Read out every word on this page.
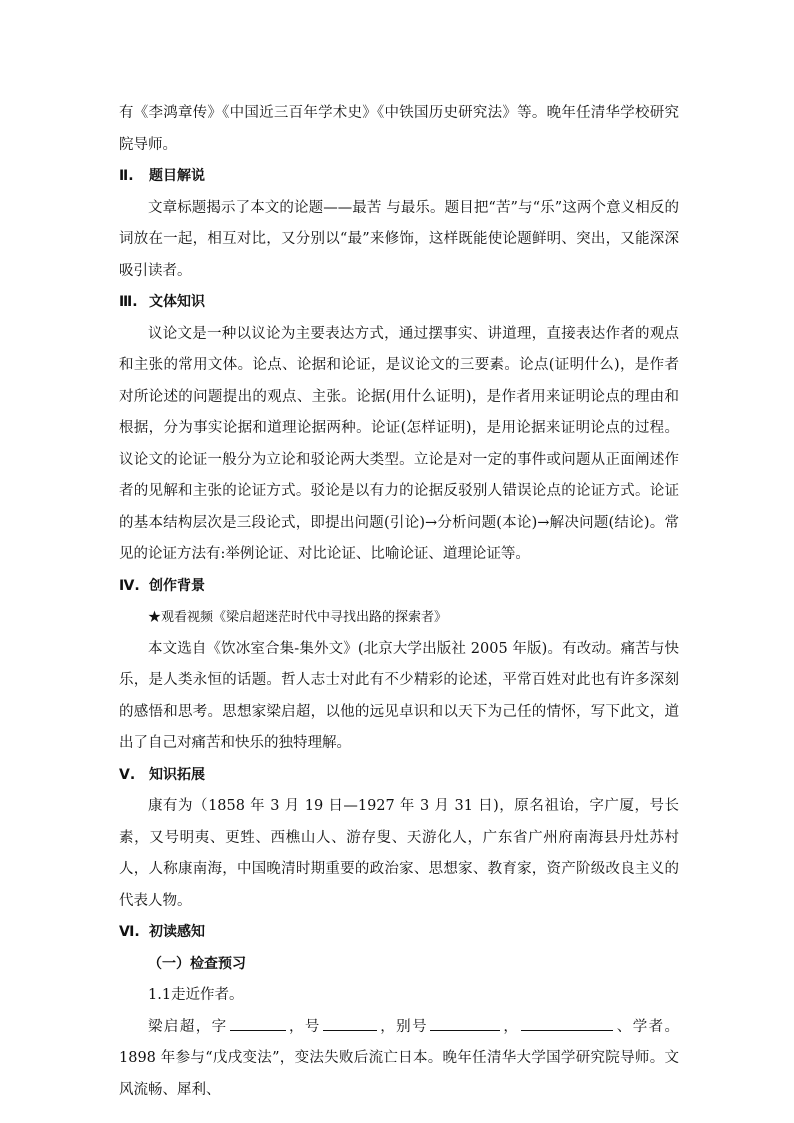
有《李鸿章传》《中国近三百年学术史》《中铁国历史研究法》等。晚年任清华学校研究院导师。

Ⅱ. 题目解说

文章标题揭示了本文的论题——最苦 与最乐。题目把“苦”与“乐”这两个意义相反的词放在一起，相互对比，又分别以“最”来修饰，这样既能使论题鲜明、突出，又能深深吸引读者。

Ⅲ. 文体知识

议论文是一种以议论为主要表达方式，通过摆事实、讲道理，直接表达作者的观点和主张的常用文体。论点、论据和论证，是议论文的三要素。论点(证明什么)，是作者对所论述的问题提出的观点、主张。论据(用什么证明)，是作者用来证明论点的理由和根据，分为事实论据和道理论据两种。论证(怎样证明)，是用论据来证明论点的过程。议论文的论证一般分为立论和驳论两大类型。立论是对一定的事件或问题从正面阐述作者的见解和主张的论证方式。驳论是以有力的论据反驳别人错误论点的论证方式。论证的基本结构层次是三段论式，即提出问题(引论)→分析问题(本论)→解决问题(结论)。常见的论证方法有:举例论证、对比论证、比喻论证、道理论证等。

Ⅳ. 创作背景

★观看视频《梁启超迷茫时代中寻找出路的探索者》

本文选自《饮冰室合集-集外文》(北京大学出版社 2005 年版)。有改动。痛苦与快乐，是人类永恒的话题。哲人志士对此有不少精彩的论述，平常百姓对此也有许多深刻的感悟和思考。思想家梁启超，以他的远见卓识和以天下为己任的情怀，写下此文，道出了自己对痛苦和快乐的独特理解。

Ⅴ. 知识拓展

康有为（1858 年 3 月 19 日—1927 年 3 月 31 日)，原名祖诒，字广厦，号长素，又号明夷、更甡、西樵山人、游存叟、天游化人，广东省广州府南海县丹灶苏村人，人称康南海，中国晚清时期重要的政治家、思想家、教育家，资产阶级改良主义的代表人物。

Ⅵ. 初读感知

（一）检查预习

1.1走近作者。

梁启超，字	，号	，别号	，	、学者。1898 年参与“戊戌变法”，变法失败后流亡日本。晚年任清华大学国学研究院导师。文风流畅、犀利、
